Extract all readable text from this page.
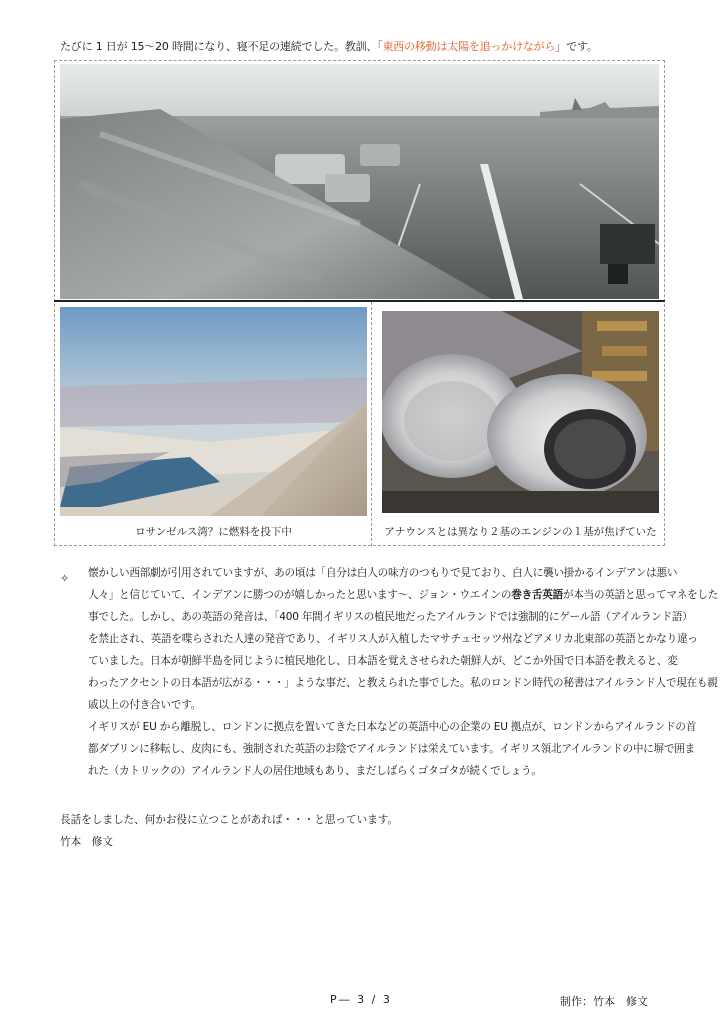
たびに 1 日が 15～20 時間になり、寝不足の連続でした。教訓、「東西の移動は太陽を追っかけながら」です。
ロサンゼルス湾？に燃料を投下中	アナウンスとは異なり２基のエンジンの１基が焦げていた
✧ 懐かしい西部劇が引用されていますが、あの頃は「自分は白人の味方のつもりで見ており、白人に襲い掛かるインデアンは悪い
人々」と信じていて、インデアンに勝つのが嬉しかったと思います～、ジョン・ウエインの巻き舌英語が本当の英語と思ってマネをした
事でした。しかし、あの英語の発音は、「400 年間イギリスの植民地だったアイルランドでは強制的にゲール語（アイルランド語）
を禁止され、英語を喋らされた人達の発音であり、イギリス人が入植したマサチュセッツ州などアメリカ北東部の英語とかなり違っ
ていました。日本が朝鮮半島を同じように植民地化し、日本語を覚えさせられた朝鮮人が、どこか外国で日本語を教えると、変
わったアクセントの日本語が広がる・・・」ような事だ、と教えられた事でした。私のロンドン時代の秘書はアイルランド人で現在も親
戚以上の付き合いです。
イギリスが EU から離脱し、ロンドンに拠点を置いてきた日本などの英語中心の企業の EU 拠点が、ロンドンからアイルランドの首
都ダブリンに移転し、皮肉にも、強制された英語のお陰でアイルランドは栄えています。イギリス領北アイルランドの中に塀で囲ま
れた（カトリックの）アイルランド人の居住地域もあり、まだしばらくゴタゴタが続くでしょう。
長話をしました、何かお役に立つことがあれば・・・と思っています。
竹本　修文
P― 3 / 3	制作：竹本　修文
